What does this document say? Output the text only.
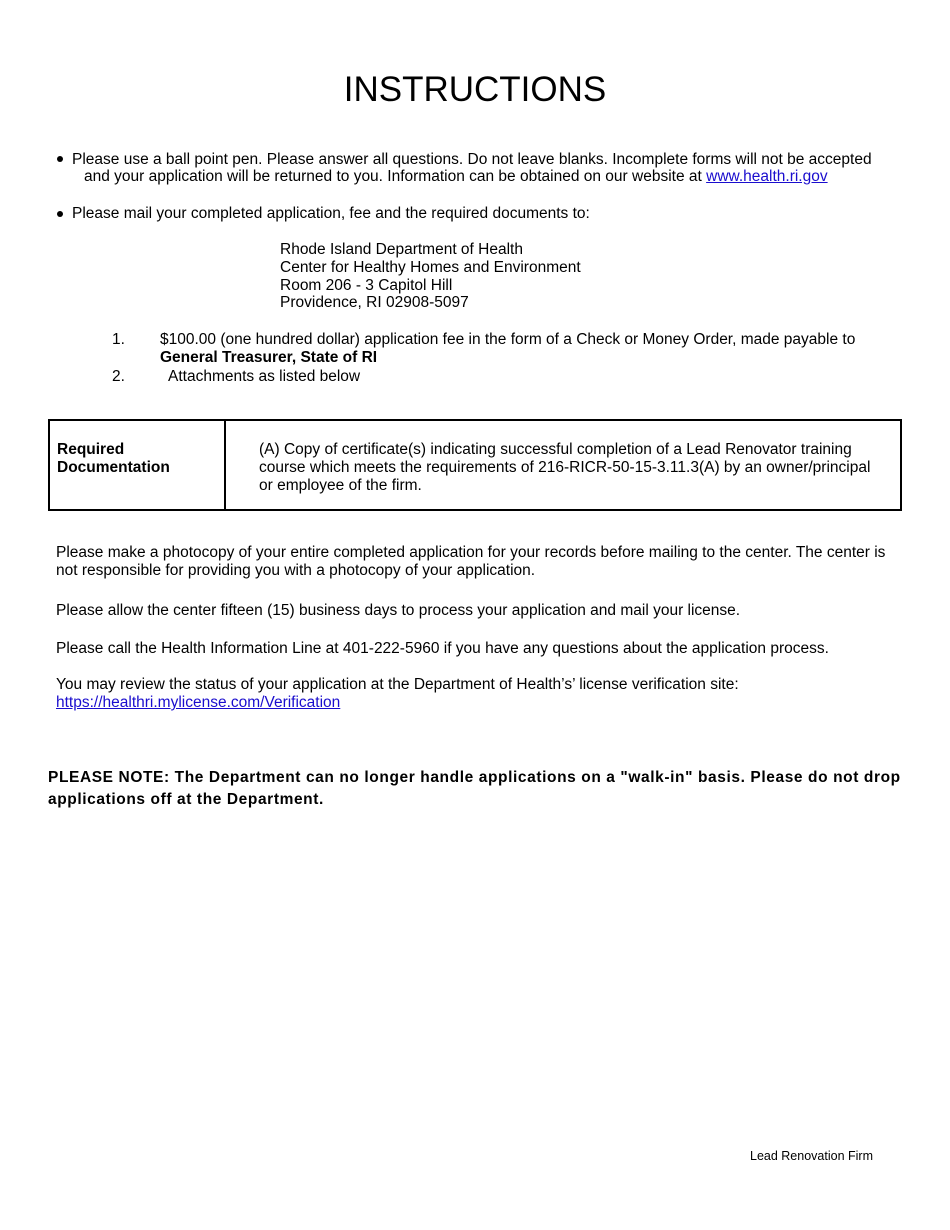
INSTRUCTIONS
Please use a ball point pen. Please answer all questions. Do not leave blanks. Incomplete forms will not be accepted
and your application will be returned to you. Information can be obtained on our website at www.health.ri.gov
Please mail your completed application, fee and the required documents to:
Rhode Island Department of Health
Center for Healthy Homes and Environment
Room 206 - 3 Capitol Hill
Providence, RI 02908-5097
1. $100.00 (one hundred dollar) application fee in the form of a Check or Money Order, made payable to
General Treasurer, State of RI
2.	Attachments as listed below
Required
Documentation
(A) Copy of certificate(s) indicating successful completion of a Lead Renovator training
course which meets the requirements of 216-RICR-50-15-3.11.3(A) by an owner/principal
or employee of the firm.
Please make a photocopy of your entire completed application for your records before mailing to the center. The center is
not responsible for providing you with a photocopy of your application.
Please allow the center fifteen (15) business days to process your application and mail your license.
Please call the Health Information Line at 401-222-5960 if you have any questions about the application process.
You may review the status of your application at the Department of Health’s’ license verification site:
https://healthri.mylicense.com/Verification
PLEASE NOTE: The Department can no longer handle applications on a "walk-in" basis. Please do not drop
applications off at the Department.
Lead Renovation Firm
